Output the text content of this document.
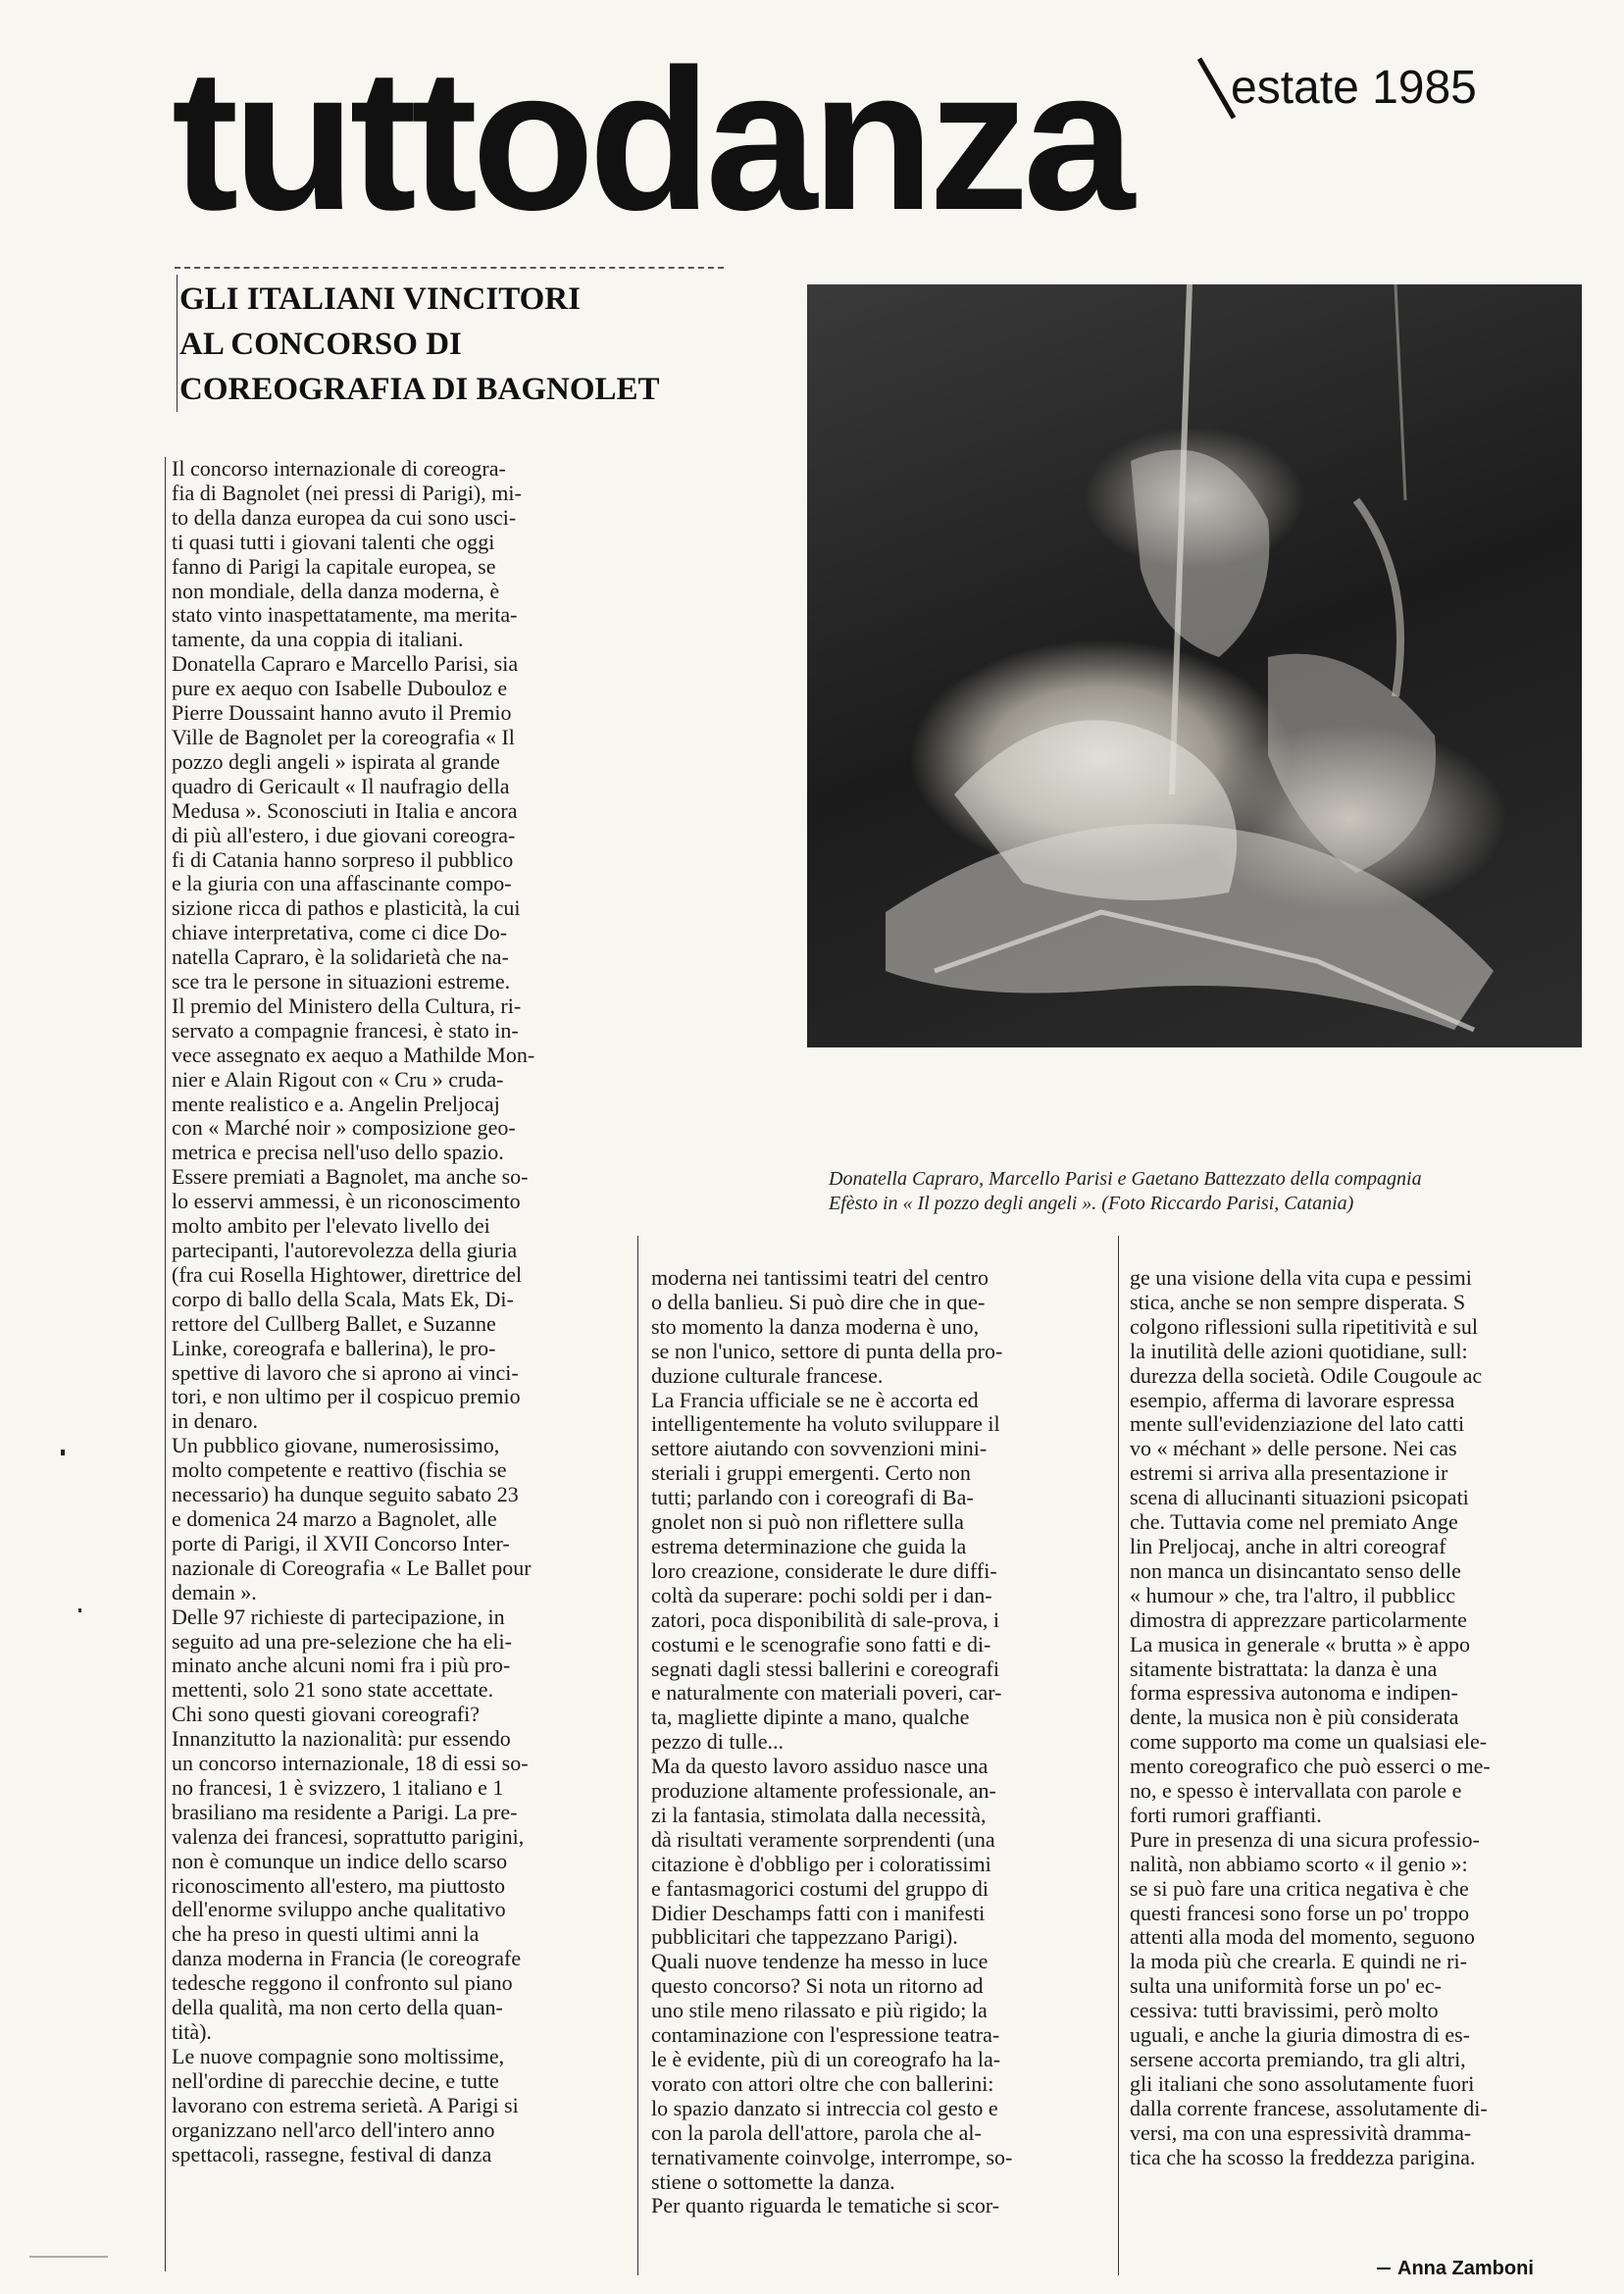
tuttodanza estate 1985
GLI ITALIANI VINCITORI
AL CONCORSO DI
COREOGRAFIA DI BAGNOLET
Donatella Capraro, Marcello Parisi e Gaetano Battezzato della compagnia
Efèsto in « Il pozzo degli angeli ». (Foto Riccardo Parisi, Catania)
Il concorso internazionale di coreogra-
fia di Bagnolet (nei pressi di Parigi), mi-
to della danza europea da cui sono usci-
ti quasi tutti i giovani talenti che oggi
fanno di Parigi la capitale europea, se
non mondiale, della danza moderna, è
stato vinto inaspettatamente, ma merita-
tamente, da una coppia di italiani.
Donatella Capraro e Marcello Parisi, sia
pure ex aequo con Isabelle Dubouloz e
Pierre Doussaint hanno avuto il Premio
Ville de Bagnolet per la coreografia « Il
pozzo degli angeli » ispirata al grande
quadro di Gericault « Il naufragio della
Medusa ». Sconosciuti in Italia e ancora
di più all'estero, i due giovani coreogra-
fi di Catania hanno sorpreso il pubblico
e la giuria con una affascinante compo-
sizione ricca di pathos e plasticità, la cui
chiave interpretativa, come ci dice Do-
natella Capraro, è la solidarietà che na-
sce tra le persone in situazioni estreme.
Il premio del Ministero della Cultura, ri-
servato a compagnie francesi, è stato in-
vece assegnato ex aequo a Mathilde Mon-
nier e Alain Rigout con « Cru » cruda-
mente realistico e a. Angelin Preljocaj
con « Marché noir » composizione geo-
metrica e precisa nell'uso dello spazio.
Essere premiati a Bagnolet, ma anche so-
lo esservi ammessi, è un riconoscimento
molto ambito per l'elevato livello dei
partecipanti, l'autorevolezza della giuria
(fra cui Rosella Hightower, direttrice del
corpo di ballo della Scala, Mats Ek, Di-
rettore del Cullberg Ballet, e Suzanne
Linke, coreografa e ballerina), le pro-
spettive di lavoro che si aprono ai vinci-
tori, e non ultimo per il cospicuo premio
in denaro.
Un pubblico giovane, numerosissimo,
molto competente e reattivo (fischia se
necessario) ha dunque seguito sabato 23
e domenica 24 marzo a Bagnolet, alle
porte di Parigi, il XVII Concorso Inter-
nazionale di Coreografia « Le Ballet pour
demain ».
Delle 97 richieste di partecipazione, in
seguito ad una pre-selezione che ha eli-
minato anche alcuni nomi fra i più pro-
mettenti, solo 21 sono state accettate.
Chi sono questi giovani coreografi?
Innanzitutto la nazionalità: pur essendo
un concorso internazionale, 18 di essi so-
no francesi, 1 è svizzero, 1 italiano e 1
brasiliano ma residente a Parigi. La pre-
valenza dei francesi, soprattutto parigini,
non è comunque un indice dello scarso
riconoscimento all'estero, ma piuttosto
dell'enorme sviluppo anche qualitativo
che ha preso in questi ultimi anni la
danza moderna in Francia (le coreografe
tedesche reggono il confronto sul piano
della qualità, ma non certo della quan-
tità).
Le nuove compagnie sono moltissime,
nell'ordine di parecchie decine, e tutte
lavorano con estrema serietà. A Parigi si
organizzano nell'arco dell'intero anno
spettacoli, rassegne, festival di danza
moderna nei tantissimi teatri del centro
o della banlieu. Si può dire che in que-
sto momento la danza moderna è uno,
se non l'unico, settore di punta della pro-
duzione culturale francese.
La Francia ufficiale se ne è accorta ed
intelligentemente ha voluto sviluppare il
settore aiutando con sovvenzioni mini-
steriali i gruppi emergenti. Certo non
tutti; parlando con i coreografi di Ba-
gnolet non si può non riflettere sulla
estrema determinazione che guida la
loro creazione, considerate le dure diffi-
coltà da superare: pochi soldi per i dan-
zatori, poca disponibilità di sale-prova, i
costumi e le scenografie sono fatti e di-
segnati dagli stessi ballerini e coreografi
e naturalmente con materiali poveri, car-
ta, magliette dipinte a mano, qualche
pezzo di tulle...
Ma da questo lavoro assiduo nasce una
produzione altamente professionale, an-
zi la fantasia, stimolata dalla necessità,
dà risultati veramente sorprendenti (una
citazione è d'obbligo per i coloratissimi
e fantasmagorici costumi del gruppo di
Didier Deschamps fatti con i manifesti
pubblicitari che tappezzano Parigi).
Quali nuove tendenze ha messo in luce
questo concorso? Si nota un ritorno ad
uno stile meno rilassato e più rigido; la
contaminazione con l'espressione teatra-
le è evidente, più di un coreografo ha la-
vorato con attori oltre che con ballerini:
lo spazio danzato si intreccia col gesto e
con la parola dell'attore, parola che al-
ternativamente coinvolge, interrompe, so-
stiene o sottomette la danza.
Per quanto riguarda le tematiche si scor-
ge una visione della vita cupa e pessimi
stica, anche se non sempre disperata. S
colgono riflessioni sulla ripetitività e sul
la inutilità delle azioni quotidiane, sull:
durezza della società. Odile Cougoule ac
esempio, afferma di lavorare espressa
mente sull'evidenziazione del lato catti
vo « méchant » delle persone. Nei cas
estremi si arriva alla presentazione ir
scena di allucinanti situazioni psicopati
che. Tuttavia come nel premiato Ange
lin Preljocaj, anche in altri coreograf
non manca un disincantato senso delle
« humour » che, tra l'altro, il pubblicc
dimostra di apprezzare particolarmente
La musica in generale « brutta » è appo
sitamente bistrattata: la danza è una
forma espressiva autonoma e indipen-
dente, la musica non è più considerata
come supporto ma come un qualsiasi ele-
mento coreografico che può esserci o me-
no, e spesso è intervallata con parole e
forti rumori graffianti.
Pure in presenza di una sicura professio-
nalità, non abbiamo scorto « il genio »:
se si può fare una critica negativa è che
questi francesi sono forse un po' troppo
attenti alla moda del momento, seguono
la moda più che crearla. E quindi ne ri-
sulta una uniformità forse un po' ec-
cessiva: tutti bravissimi, però molto
uguali, e anche la giuria dimostra di es-
sersene accorta premiando, tra gli altri,
gli italiani che sono assolutamente fuori
dalla corrente francese, assolutamente di-
versi, ma con una espressività dramma-
tica che ha scosso la freddezza parigina.
Anna Zamboni
